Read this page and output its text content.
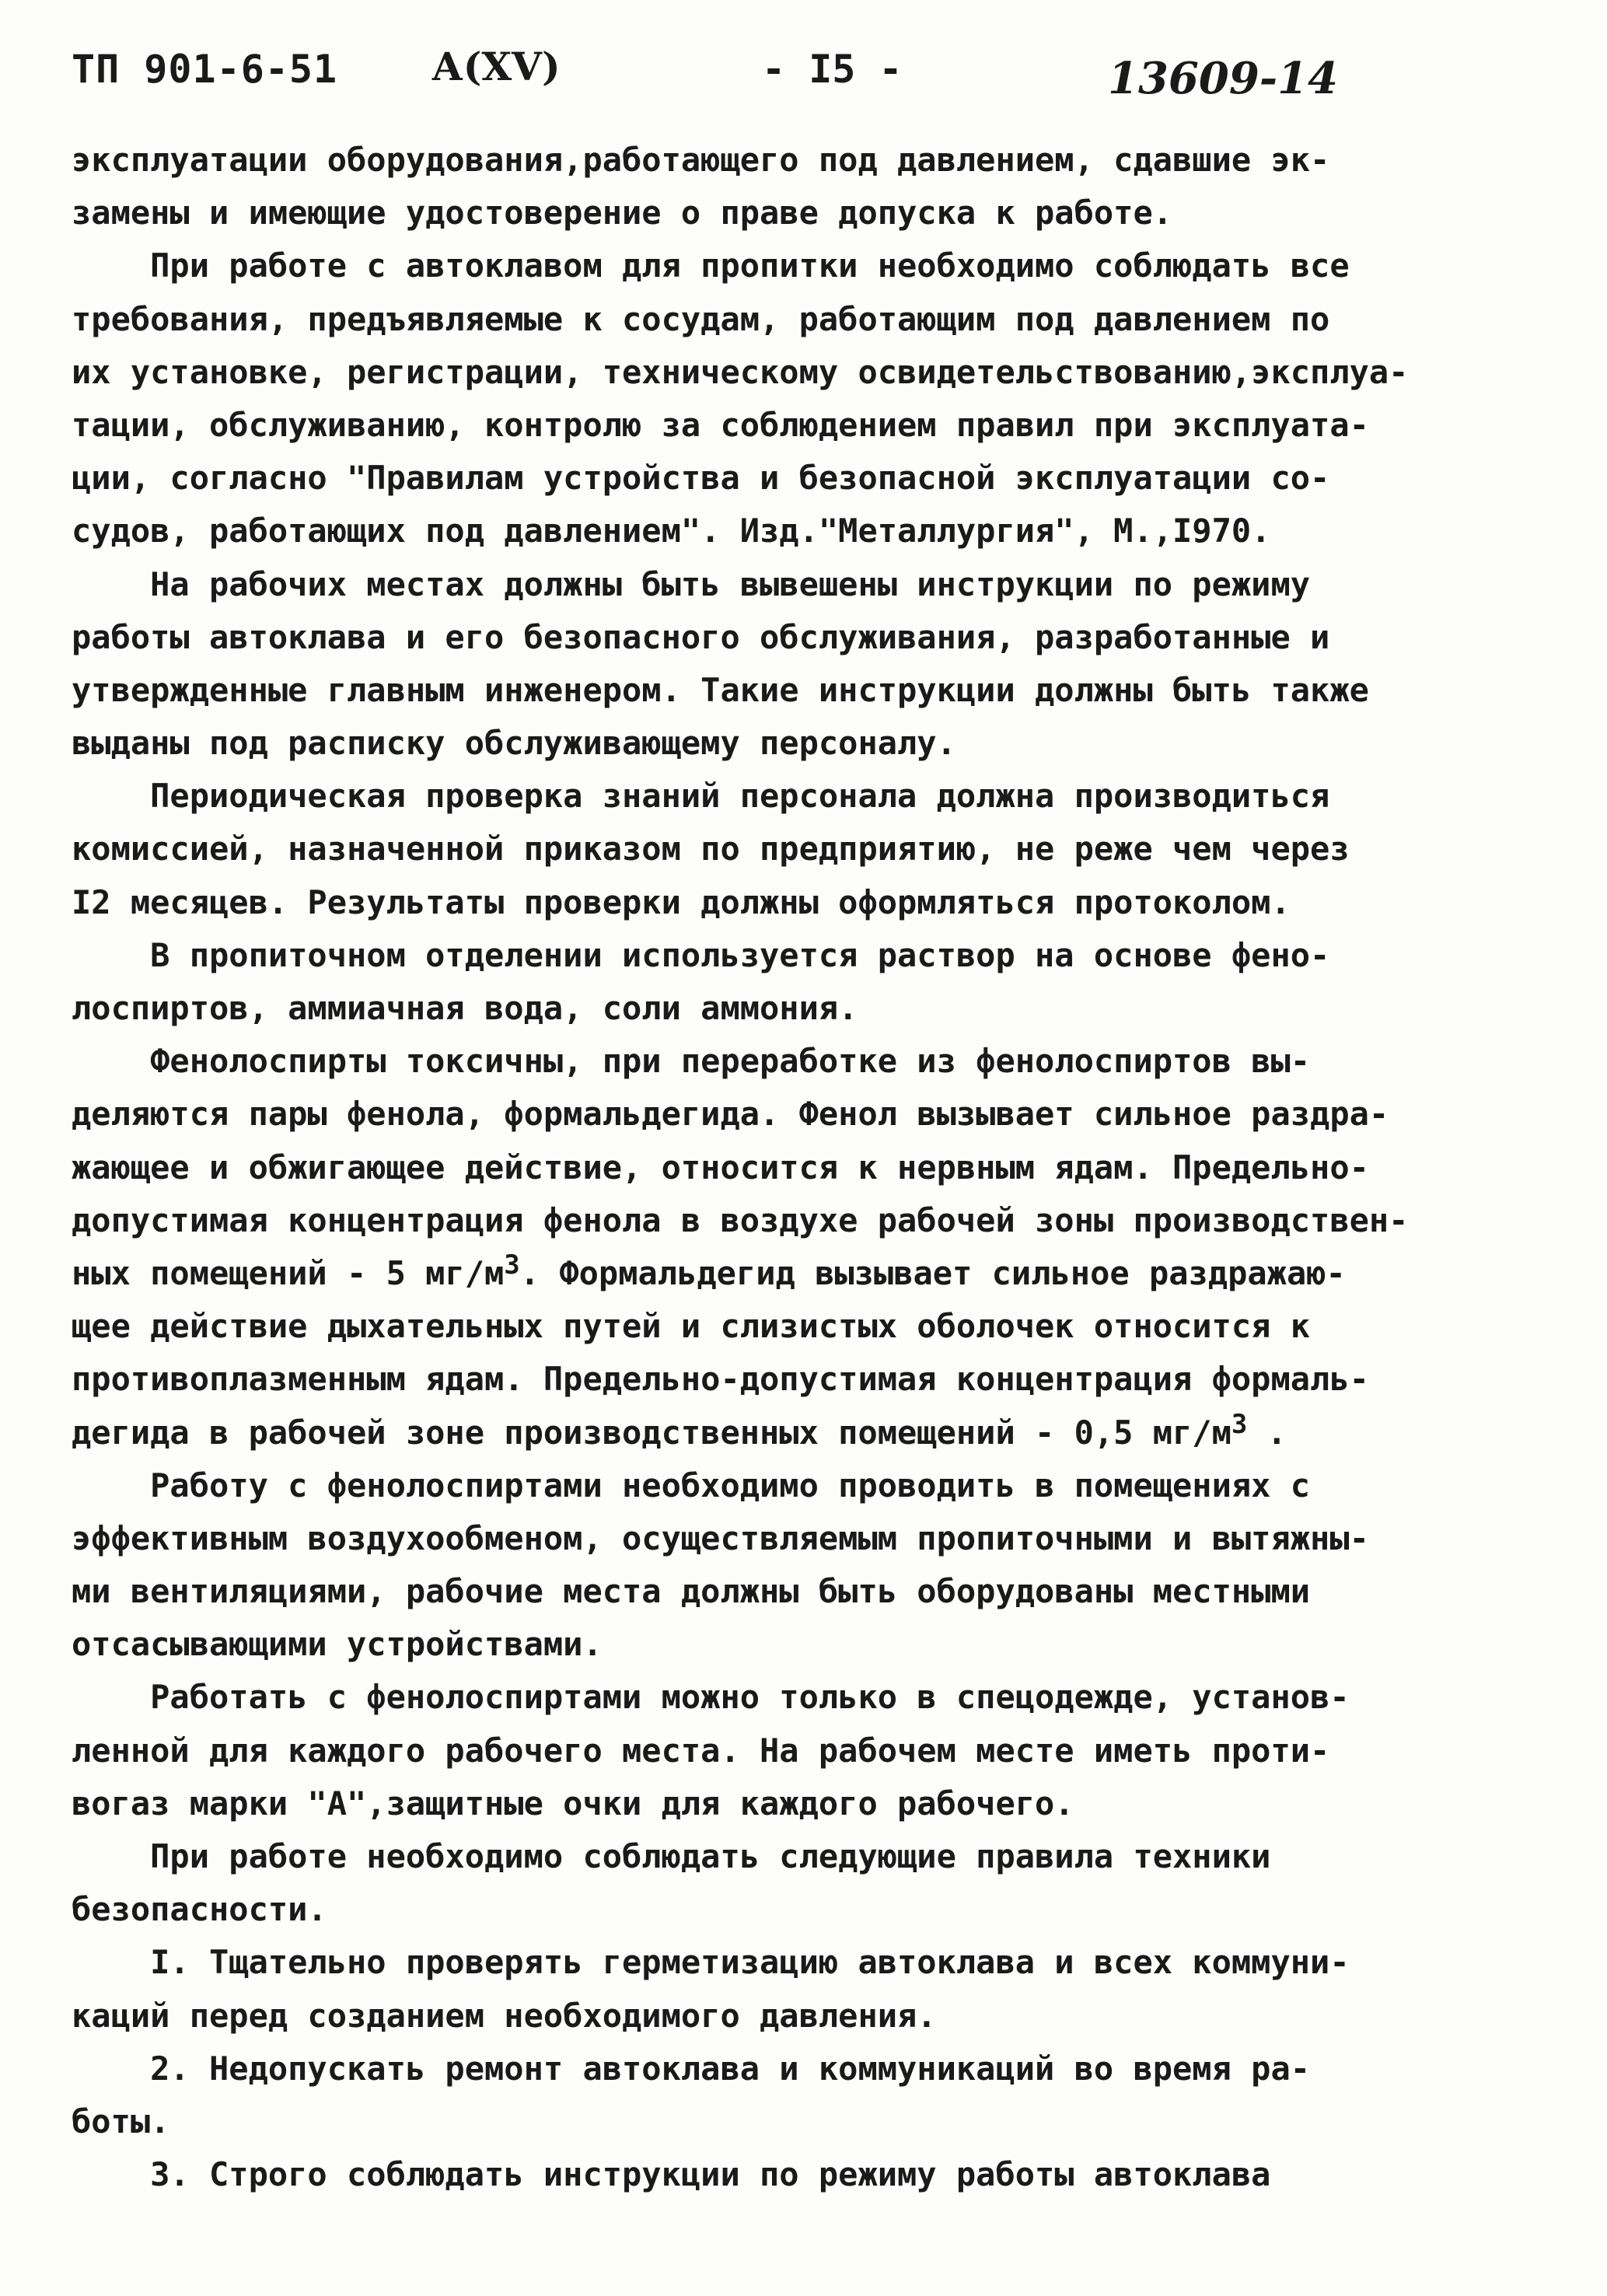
ТП 901-6-51 А(XV)	- I5 -	13609-14
эксплуатации оборудования,работающего под давлением, сдавшие эк-
замены и имеющие удостоверение о праве допуска к работе.
При работе с автоклавом для пропитки необходимо соблюдать все
требования, предъявляемые к сосудам, работающим под давлением по
их установке, регистрации, техническому освидетельствованию,эксплуа-
тации, обслуживанию, контролю за соблюдением правил при эксплуата-
ции, согласно "Правилам устройства и безопасной эксплуатации со-
судов, работающих под давлением". Изд."Металлургия", М.,I970.
На рабочих местах должны быть вывешены инструкции по режиму
работы автоклава и его безопасного обслуживания, разработанные и
утвержденные главным инженером. Такие инструкции должны быть также
выданы под расписку обслуживающему персоналу.
Периодическая проверка знаний персонала должна производиться
комиссией, назначенной приказом по предприятию, не реже чем через
I2 месяцев. Результаты проверки должны оформляться протоколом.
В пропиточном отделении используется раствор на основе фено-
лоспиртов, аммиачная вода, соли аммония.
Фенолоспирты токсичны, при переработке из фенолоспиртов вы-
деляются пары фенола, формальдегида. Фенол вызывает сильное раздра-
жающее и обжигающее действие, относится к нервным ядам. Предельно-
допустимая концентрация фенола в воздухе рабочей зоны производствен-
ных помещений - 5 $мг/м^3$. Формальдегид вызывает сильное раздражаю-
щее действие дыхательных путей и слизистых оболочек относится к
противоплазменным ядам. Предельно-допустимая концентрация формаль-
дегида в рабочей зоне производственных помещений - 0,5 $мг/м^3$ .
Работу с фенолоспиртами необходимо проводить в помещениях с
эффективным воздухообменом, осуществляемым пропиточными и вытяжны-
ми вентиляциями, рабочие места должны быть оборудованы местными
отсасывающими устройствами.
Работать с фенолоспиртами можно только в спецодежде, установ-
ленной для каждого рабочего места. На рабочем месте иметь проти-
вогаз марки "А",защитные очки для каждого рабочего.
При работе необходимо соблюдать следующие правила техники
безопасности.
I. Тщательно проверять герметизацию автоклава и всех коммуни-
каций перед созданием необходимого давления.
2. Недопускать ремонт автоклава и коммуникаций во время ра-
боты.
3. Строго соблюдать инструкции по режиму работы автоклава
